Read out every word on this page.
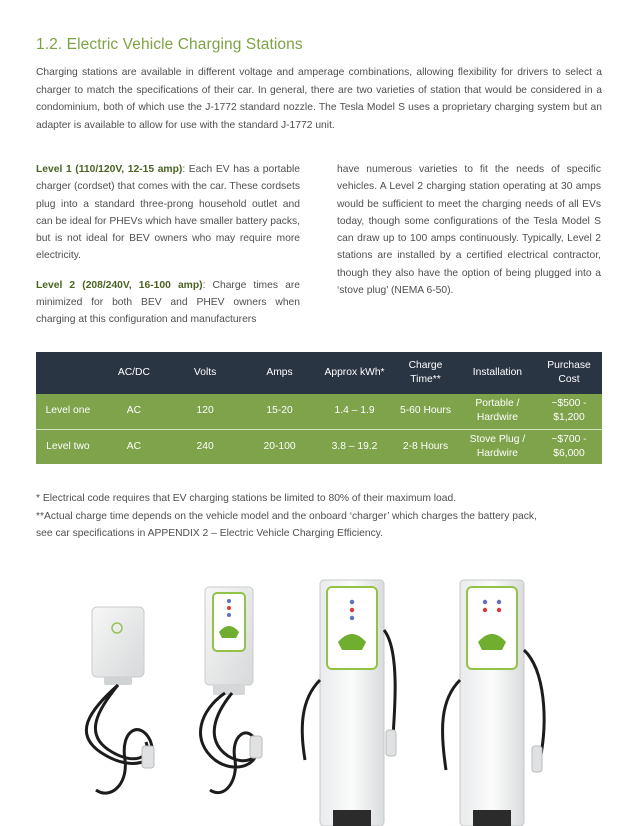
1.2. Electric Vehicle Charging Stations
Charging stations are available in different voltage and amperage combinations, allowing flexibility for drivers to select a charger to match the specifications of their car. In general, there are two varieties of station that would be considered in a condominium, both of which use the J-1772 standard nozzle. The Tesla Model S uses a proprietary charging system but an adapter is available to allow for use with the standard J-1772 unit.

Level 1 (110/120V, 12-15 amp): Each EV has a portable charger (cordset) that comes with the car. These cordsets plug into a standard three-prong household outlet and can be ideal for PHEVs which have smaller battery packs, but is not ideal for BEV owners who may require more electricity.

Level 2 (208/240V, 16-100 amp): Charge times are minimized for both BEV and PHEV owners when charging at this configuration and manufacturers

have numerous varieties to fit the needs of specific vehicles. A Level 2 charging station operating at 30 amps would be sufficient to meet the charging needs of all EVs today, though some configurations of the Tesla Model S can draw up to 100 amps continuously. Typically, Level 2 stations are installed by a certified electrical contractor, though they also have the option of being plugged into a ‘stove plug’ (NEMA 6-50).

	AC/DC	Volts	Amps	Approx kWh*	Charge Time**	Installation	Purchase Cost
Level one	AC	120	15-20	1.4 – 1.9	5-60 Hours	Portable / Hardwire	~$500 - $1,200
Level two	AC	240	20-100	3.8 – 19.2	2-8 Hours	Stove Plug / Hardwire	~$700 - $6,000
* Electrical code requires that EV charging stations be limited to 80% of their maximum load.
**Actual charge time depends on the vehicle model and the onboard ‘charger’ which charges the battery pack,
see car specifications in APPENDIX 2 – Electric Vehicle Charging Efficiency.
